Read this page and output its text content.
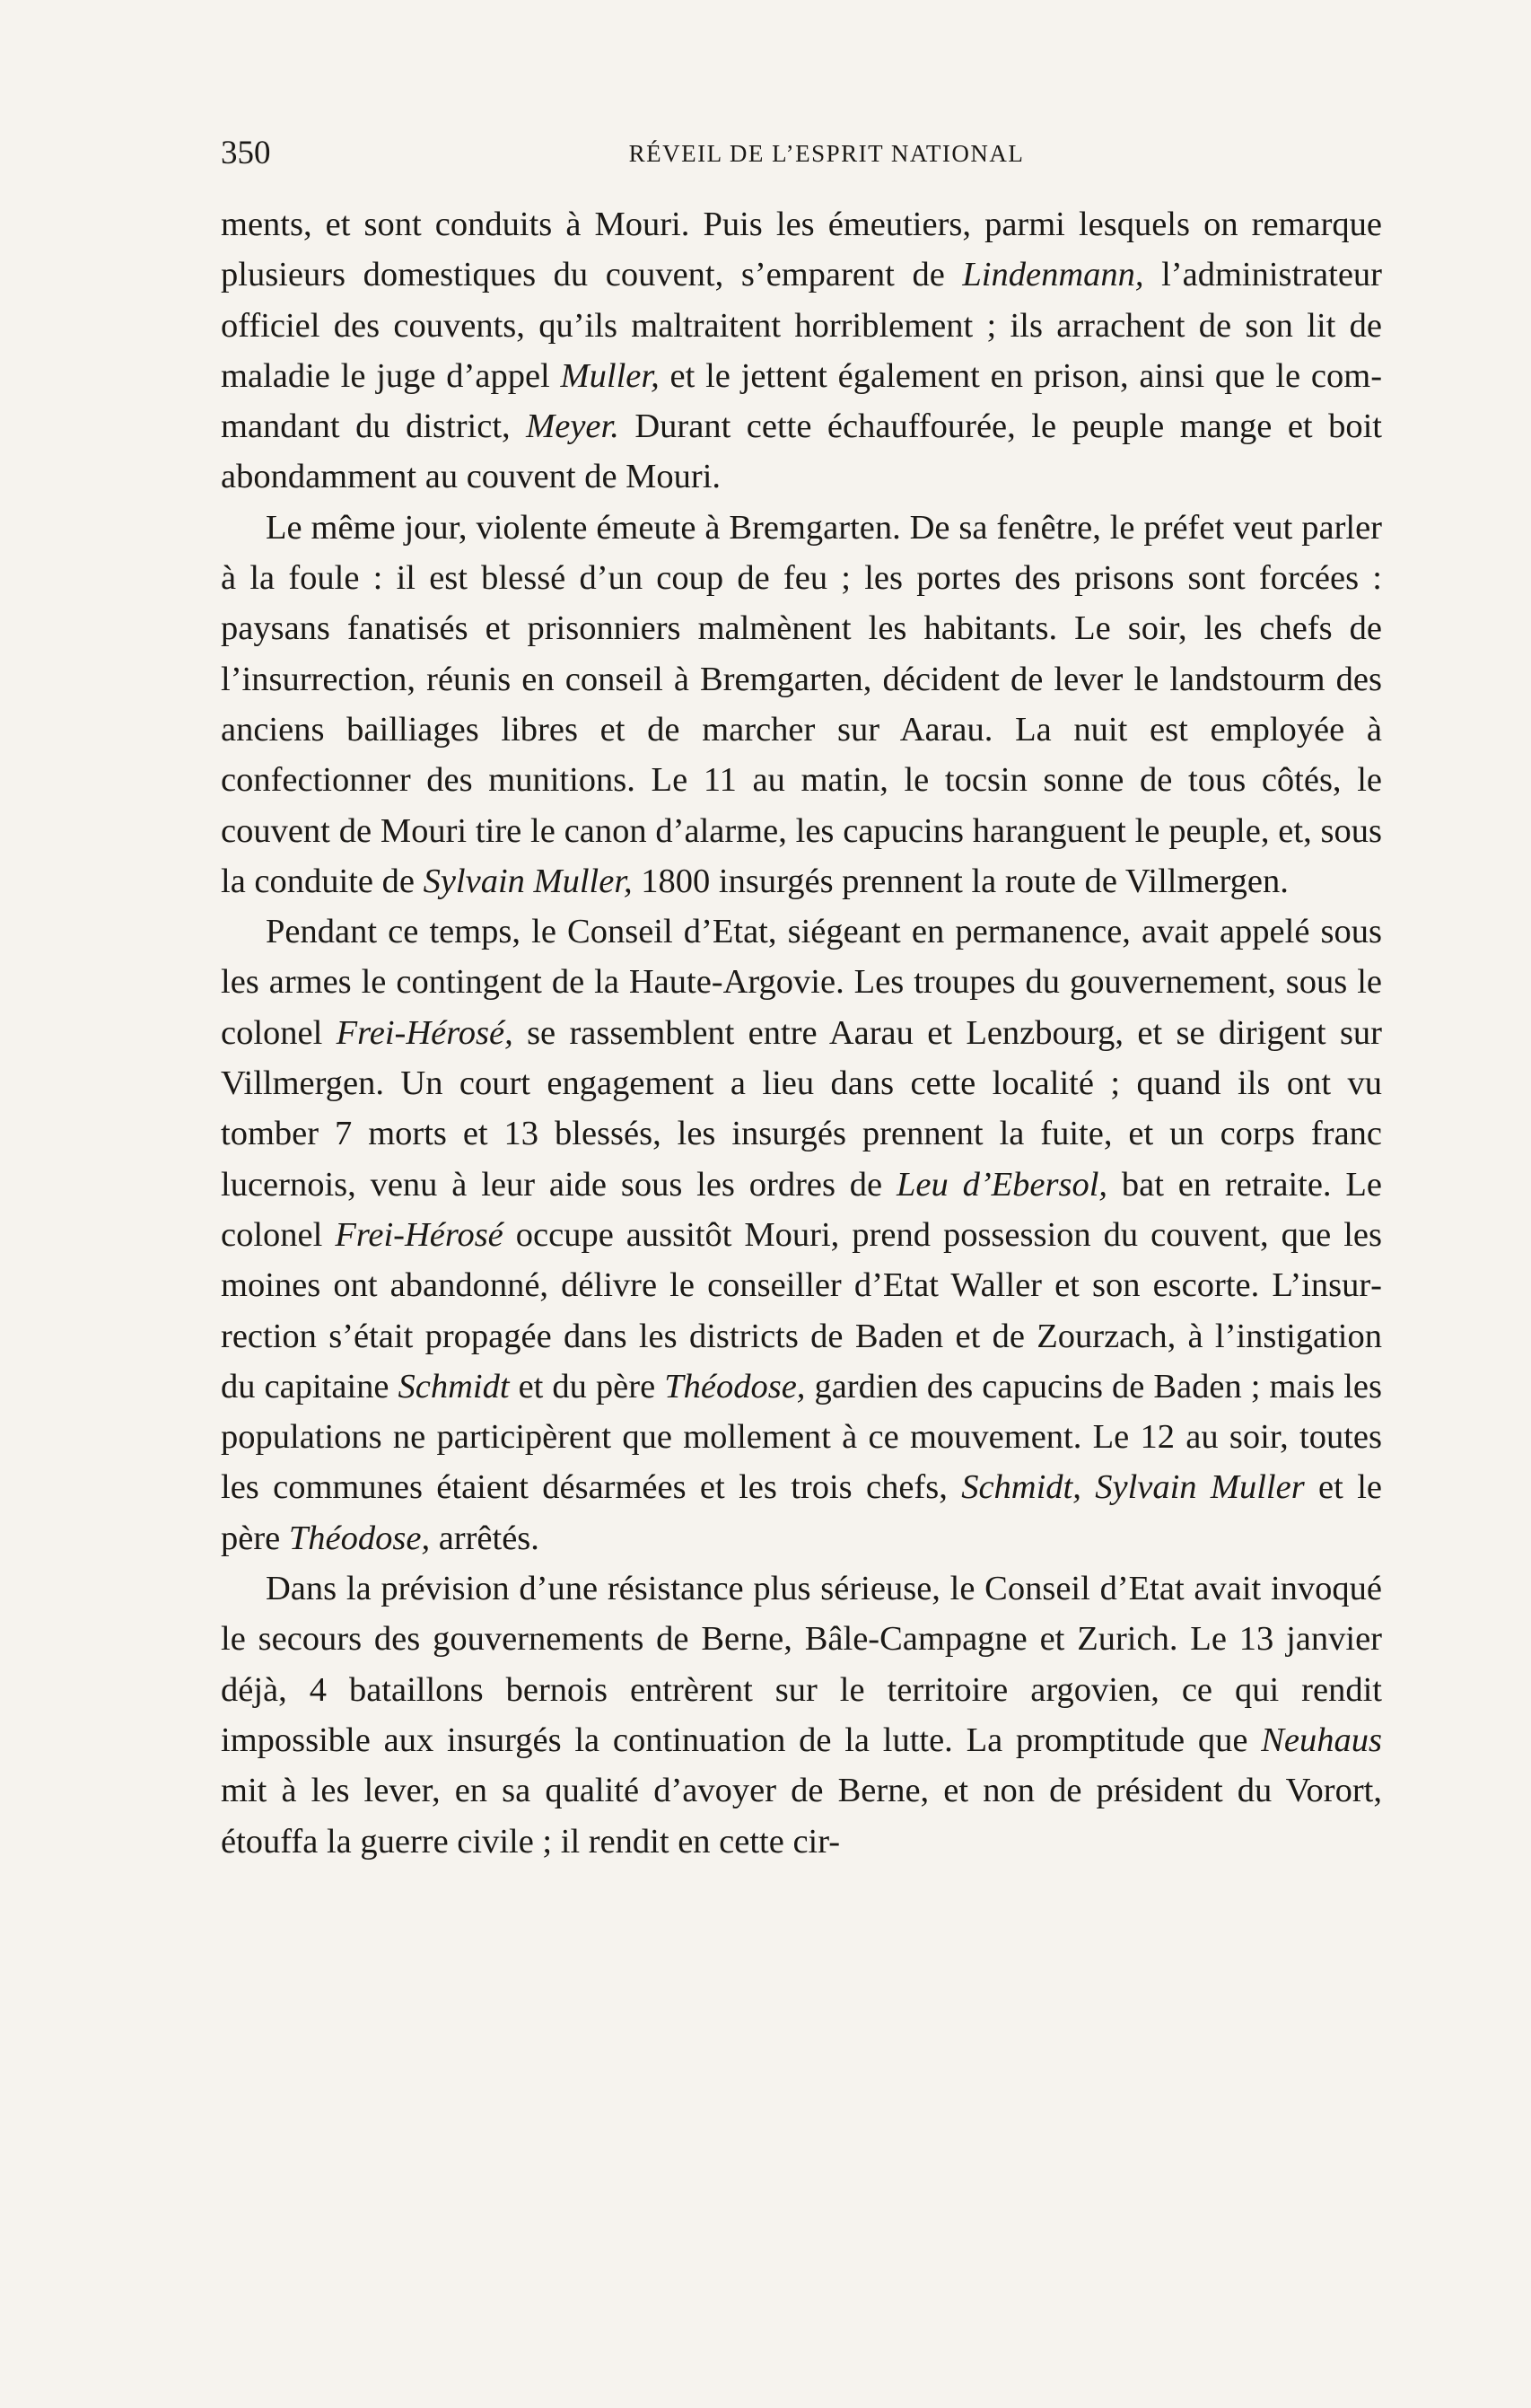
350	RÉVEIL DE L’ESPRIT NATIONAL

ments, et sont conduits à Mouri. Puis les émeutiers, parmi lesquels on remarque plusieurs domestiques du couvent, s’emparent de Lindenmann, l’administrateur officiel des couvents, qu’ils maltraitent horriblement ; ils arrachent de son lit de maladie le juge d’appel Muller, et le jettent également en prison, ainsi que le commandant du district, Meyer. Durant cette échauffourée, le peuple mange et boit abondamment au couvent de Mouri.

Le même jour, violente émeute à Bremgarten. De sa fenêtre, le préfet veut parler à la foule : il est blessé d’un coup de feu ; les portes des prisons sont forcées : paysans fanatisés et prisonniers malmènent les habitants. Le soir, les chefs de l’insurrection, réunis en conseil à Bremgarten, décident de lever le landstourm des anciens bailliages libres et de marcher sur Aarau. La nuit est employée à confectionner des munitions. Le 11 au matin, le tocsin sonne de tous côtés, le couvent de Mouri tire le canon d’alarme, les capucins haranguent le peuple, et, sous la conduite de Sylvain Muller, 1800 insurgés prennent la route de Villmergen.

Pendant ce temps, le Conseil d’Etat, siégeant en permanence, avait appelé sous les armes le contingent de la Haute-Argovie. Les troupes du gouvernement, sous le colonel Frei-Hérosé, se rassemblent entre Aarau et Lenzbourg, et se dirigent sur Villmergen. Un court engagement a lieu dans cette localité ; quand ils ont vu tomber 7 morts et 13 blessés, les insurgés prennent la fuite, et un corps franc lucernois, venu à leur aide sous les ordres de Leu d’Ebersol, bat en retraite. Le colonel Frei-Hérosé occupe aussitôt Mouri, prend possession du couvent, que les moines ont abandonné, délivre le conseiller d’Etat Waller et son escorte. L’insurrection s’était propagée dans les districts de Baden et de Zourzach, à l’instigation du capitaine Schmidt et du père Théodose, gardien des capucins de Baden ; mais les populations ne participèrent que mollement à ce mouvement. Le 12 au soir, toutes les communes étaient désarmées et les trois chefs, Schmidt, Sylvain Muller et le père Théodose, arrêtés.

Dans la prévision d’une résistance plus sérieuse, le Conseil d’Etat avait invoqué le secours des gouvernements de Berne, Bâle-Campagne et Zurich. Le 13 janvier déjà, 4 bataillons bernois entrèrent sur le territoire argovien, ce qui rendit impossible aux insurgés la continuation de la lutte. La promptitude que Neuhaus mit à les lever, en sa qualité d’avoyer de Berne, et non de président du Vorort, étouffa la guerre civile ; il rendit en cette cir-
